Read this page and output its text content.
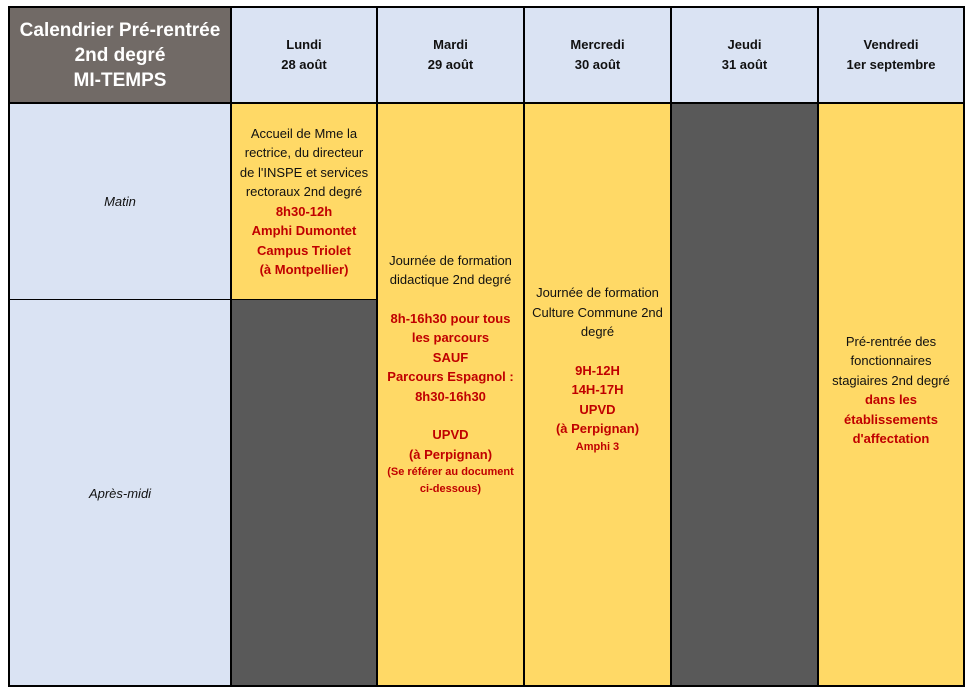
Calendrier Pré-rentrée
2nd degré
MI-TEMPS
Lundi
28 août
Mardi
29 août
Mercredi
30 août
Jeudi
31 août
Vendredi
1er septembre
Matin
Après-midi
Accueil de Mme la
rectrice, du directeur
de l'INSPE et services
rectoraux 2nd degré
8h30-12h
Amphi Dumontet
Campus Triolet
(à Montpellier)
Journée de formation
didactique 2nd degré
8h-16h30 pour tous
les parcours
SAUF
Parcours Espagnol :
8h30-16h30
UPVD
(à Perpignan)
(Se référer au document
ci-dessous)
Journée de formation
Culture Commune 2nd
degré
9H-12H
14H-17H
UPVD
(à Perpignan)
Amphi 3
Pré-rentrée des
fonctionnaires
stagiaires 2nd degré
dans les
établissements
d'affectation
